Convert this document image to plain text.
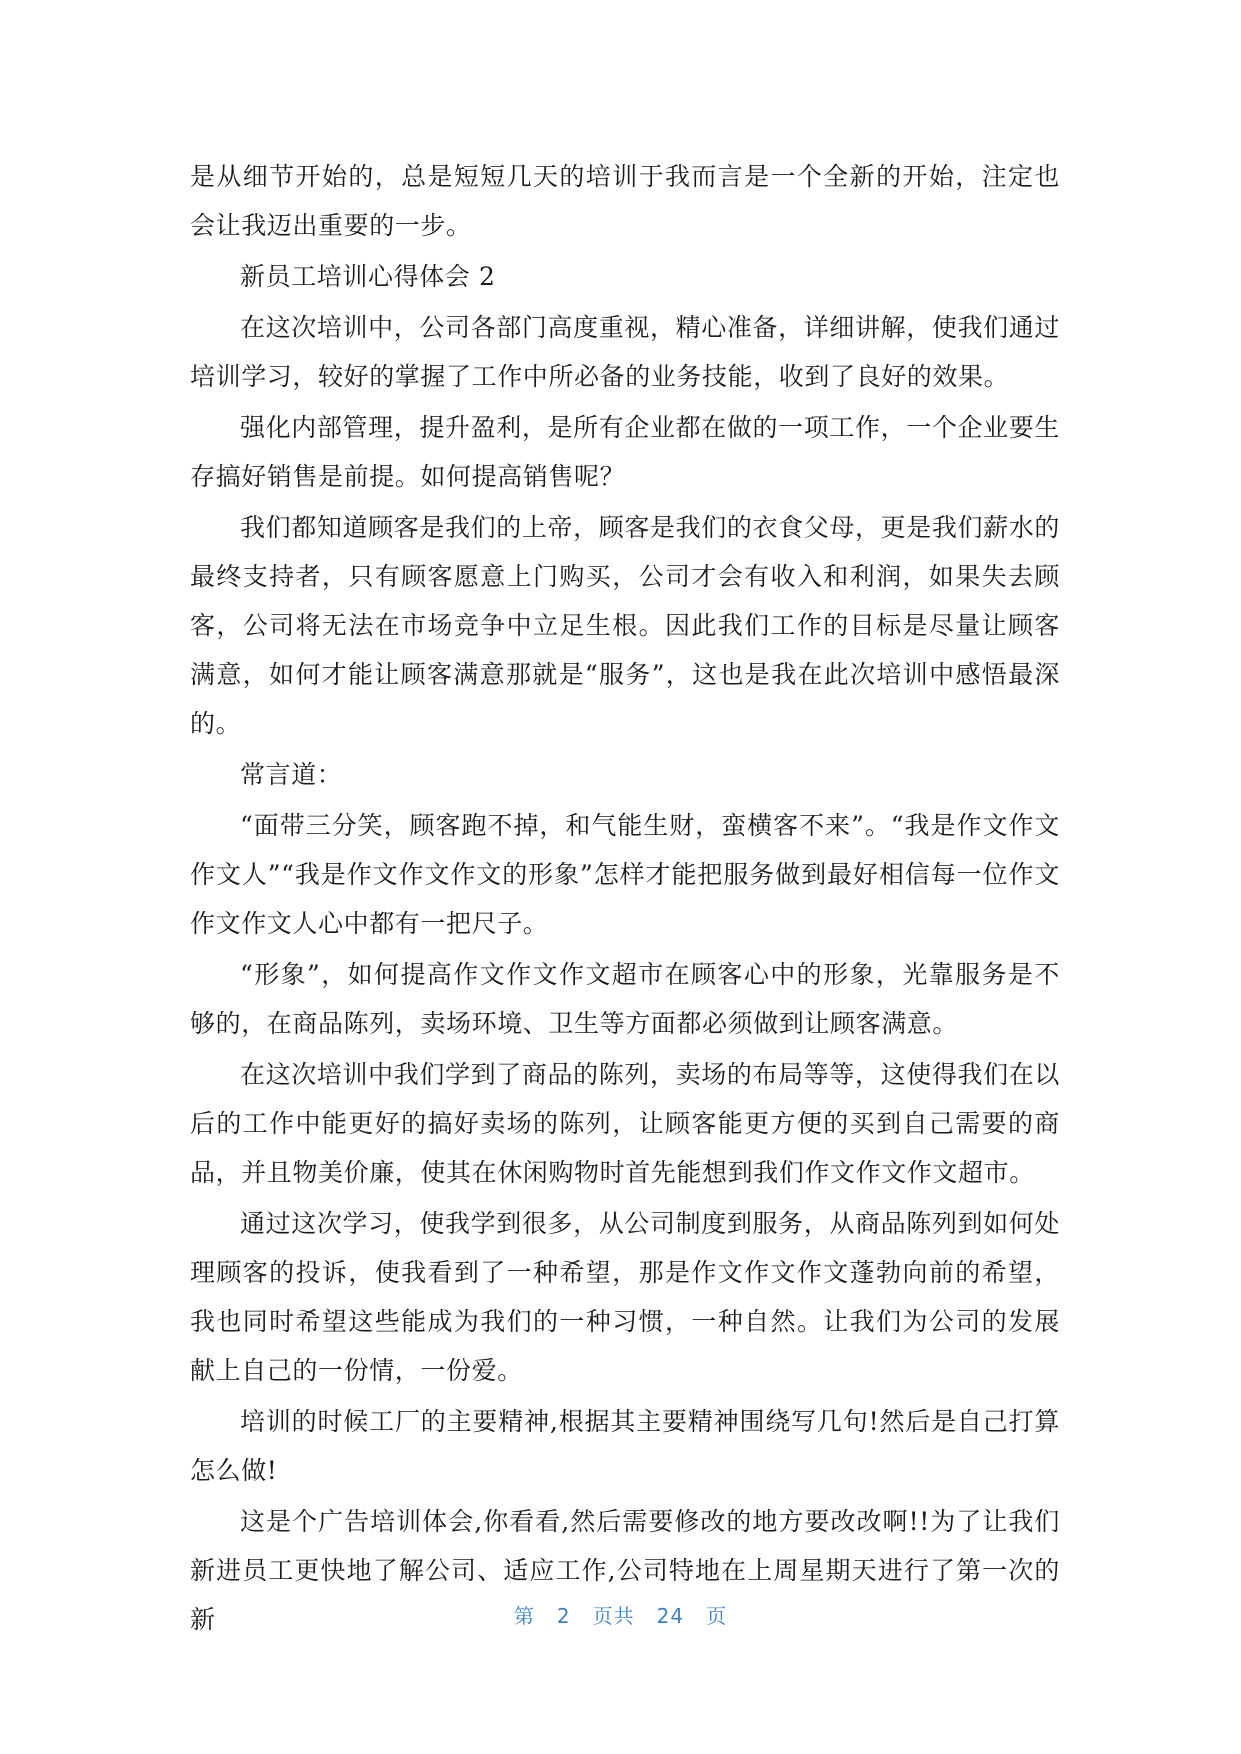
是从细节开始的，总是短短几天的培训于我而言是一个全新的开始，注定也会让我迈出重要的一步。

新员工培训心得体会 2

在这次培训中，公司各部门高度重视，精心准备，详细讲解，使我们通过培训学习，较好的掌握了工作中所必备的业务技能，收到了良好的效果。

强化内部管理，提升盈利，是所有企业都在做的一项工作，一个企业要生存搞好销售是前提。如何提高销售呢？

我们都知道顾客是我们的上帝，顾客是我们的衣食父母，更是我们薪水的最终支持者，只有顾客愿意上门购买，公司才会有收入和利润，如果失去顾客，公司将无法在市场竞争中立足生根。因此我们工作的目标是尽量让顾客满意，如何才能让顾客满意那就是“服务”，这也是我在此次培训中感悟最深的。

常言道：

“面带三分笑，顾客跑不掉，和气能生财，蛮横客不来”。“我是作文作文作文人”“我是作文作文作文的形象”怎样才能把服务做到最好相信每一位作文作文作文人心中都有一把尺子。

“形象”，如何提高作文作文作文超市在顾客心中的形象，光靠服务是不够的，在商品陈列，卖场环境、卫生等方面都必须做到让顾客满意。

在这次培训中我们学到了商品的陈列，卖场的布局等等，这使得我们在以后的工作中能更好的搞好卖场的陈列，让顾客能更方便的买到自己需要的商品，并且物美价廉，使其在休闲购物时首先能想到我们作文作文作文超市。

通过这次学习，使我学到很多，从公司制度到服务，从商品陈列到如何处理顾客的投诉，使我看到了一种希望，那是作文作文作文蓬勃向前的希望，我也同时希望这些能成为我们的一种习惯，一种自然。让我们为公司的发展献上自己的一份情，一份爱。

培训的时候工厂的主要精神,根据其主要精神围绕写几句!然后是自己打算怎么做!

这是个广告培训体会,你看看,然后需要修改的地方要改改啊!!为了让我们新进员工更快地了解公司、适应工作,公司特地在上周星期天进行了第一次的新	第 2 页共 24 页
